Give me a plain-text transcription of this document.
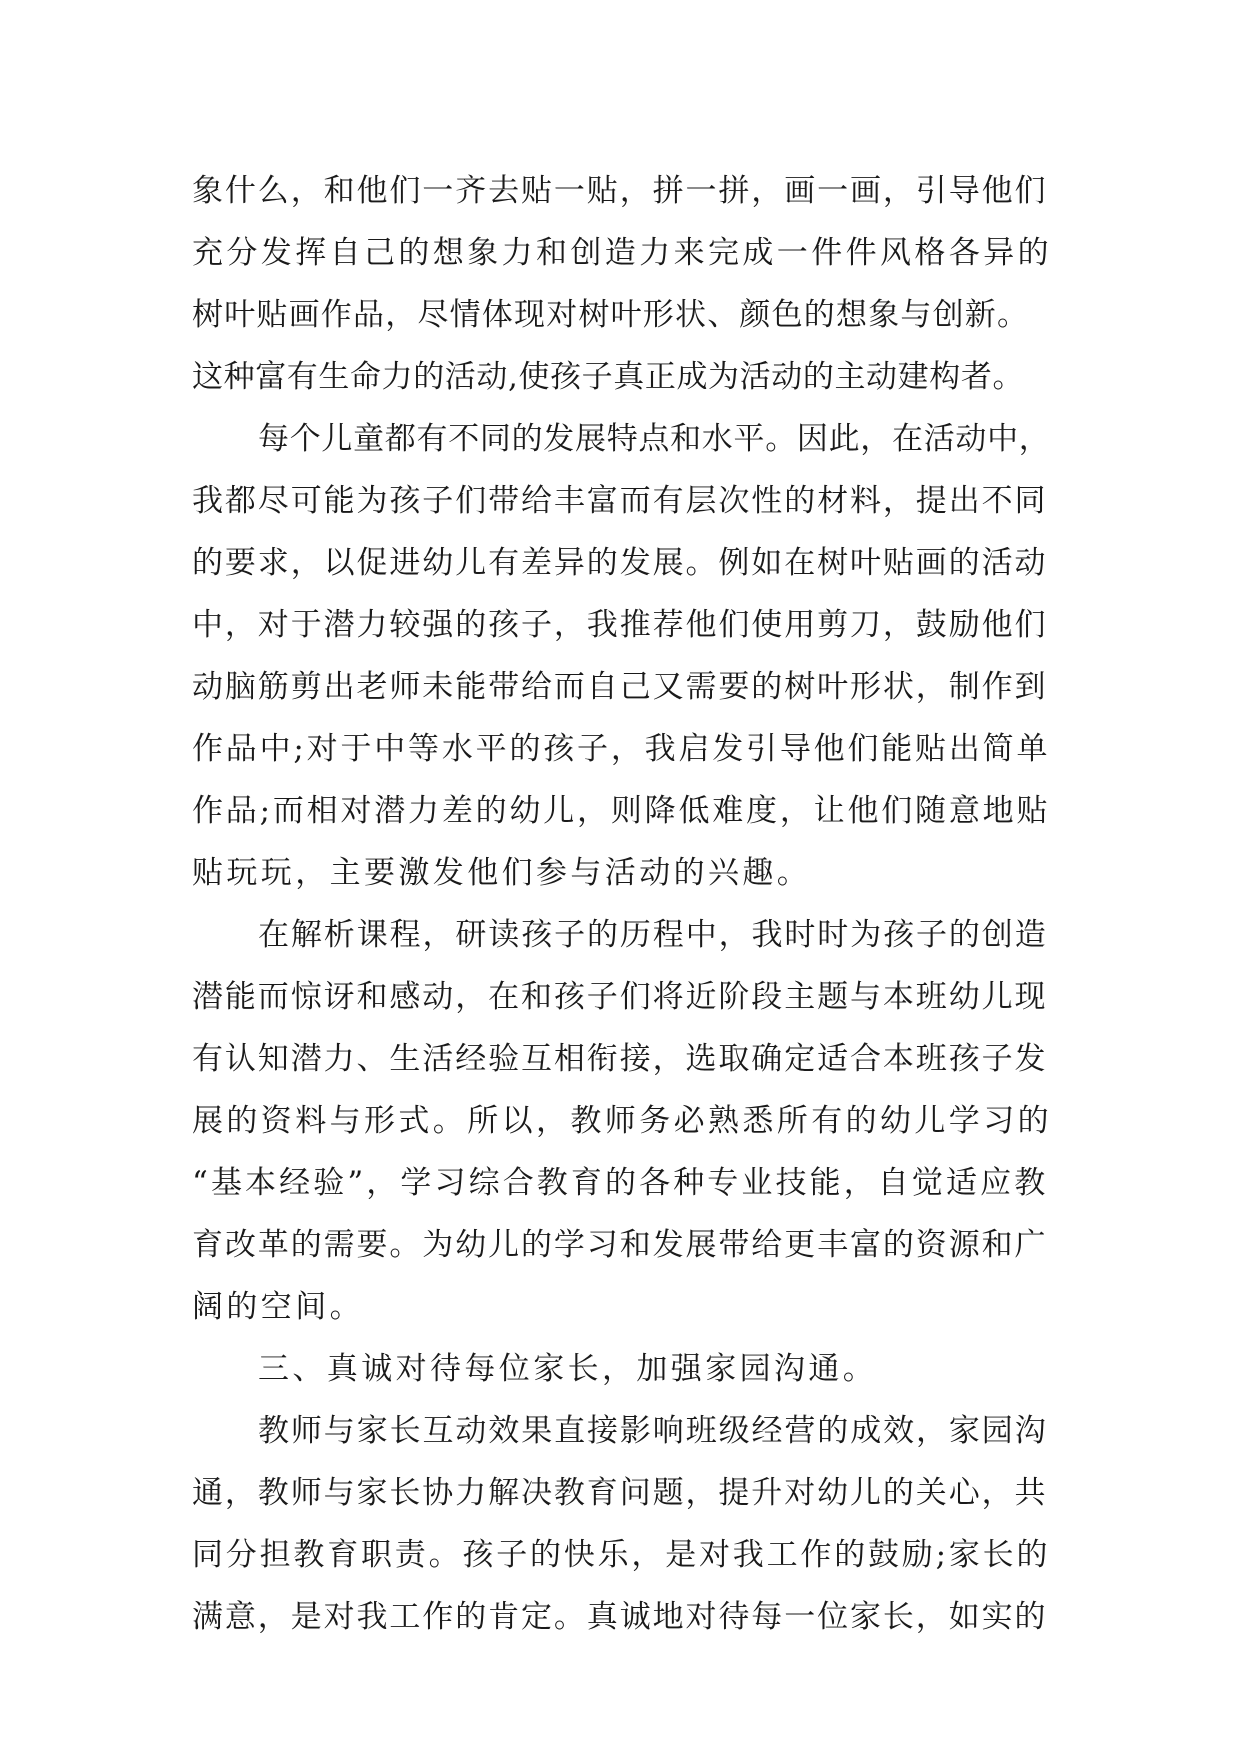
象什么，和他们一齐去贴一贴，拼一拼，画一画，引导他们
充分发挥自己的想象力和创造力来完成一件件风格各异的
树叶贴画作品，尽情体现对树叶形状、颜色的想象与创新。
这种富有生命力的活动,使孩子真正成为活动的主动建构者。
每个儿童都有不同的发展特点和水平。因此，在活动中，
我都尽可能为孩子们带给丰富而有层次性的材料，提出不同
的要求，以促进幼儿有差异的发展。例如在树叶贴画的活动
中，对于潜力较强的孩子，我推荐他们使用剪刀，鼓励他们
动脑筋剪出老师未能带给而自己又需要的树叶形状，制作到
作品中;对于中等水平的孩子，我启发引导他们能贴出简单
作品;而相对潜力差的幼儿，则降低难度，让他们随意地贴
贴玩玩，主要激发他们参与活动的兴趣。
在解析课程，研读孩子的历程中，我时时为孩子的创造
潜能而惊讶和感动，在和孩子们将近阶段主题与本班幼儿现
有认知潜力、生活经验互相衔接，选取确定适合本班孩子发
展的资料与形式。所以，教师务必熟悉所有的幼儿学习的
“基本经验”，学习综合教育的各种专业技能，自觉适应教
育改革的需要。为幼儿的学习和发展带给更丰富的资源和广
阔的空间。
三、真诚对待每位家长，加强家园沟通。
教师与家长互动效果直接影响班级经营的成效，家园沟
通，教师与家长协力解决教育问题，提升对幼儿的关心，共
同分担教育职责。孩子的快乐，是对我工作的鼓励;家长的
满意，是对我工作的肯定。真诚地对待每一位家长，如实的
